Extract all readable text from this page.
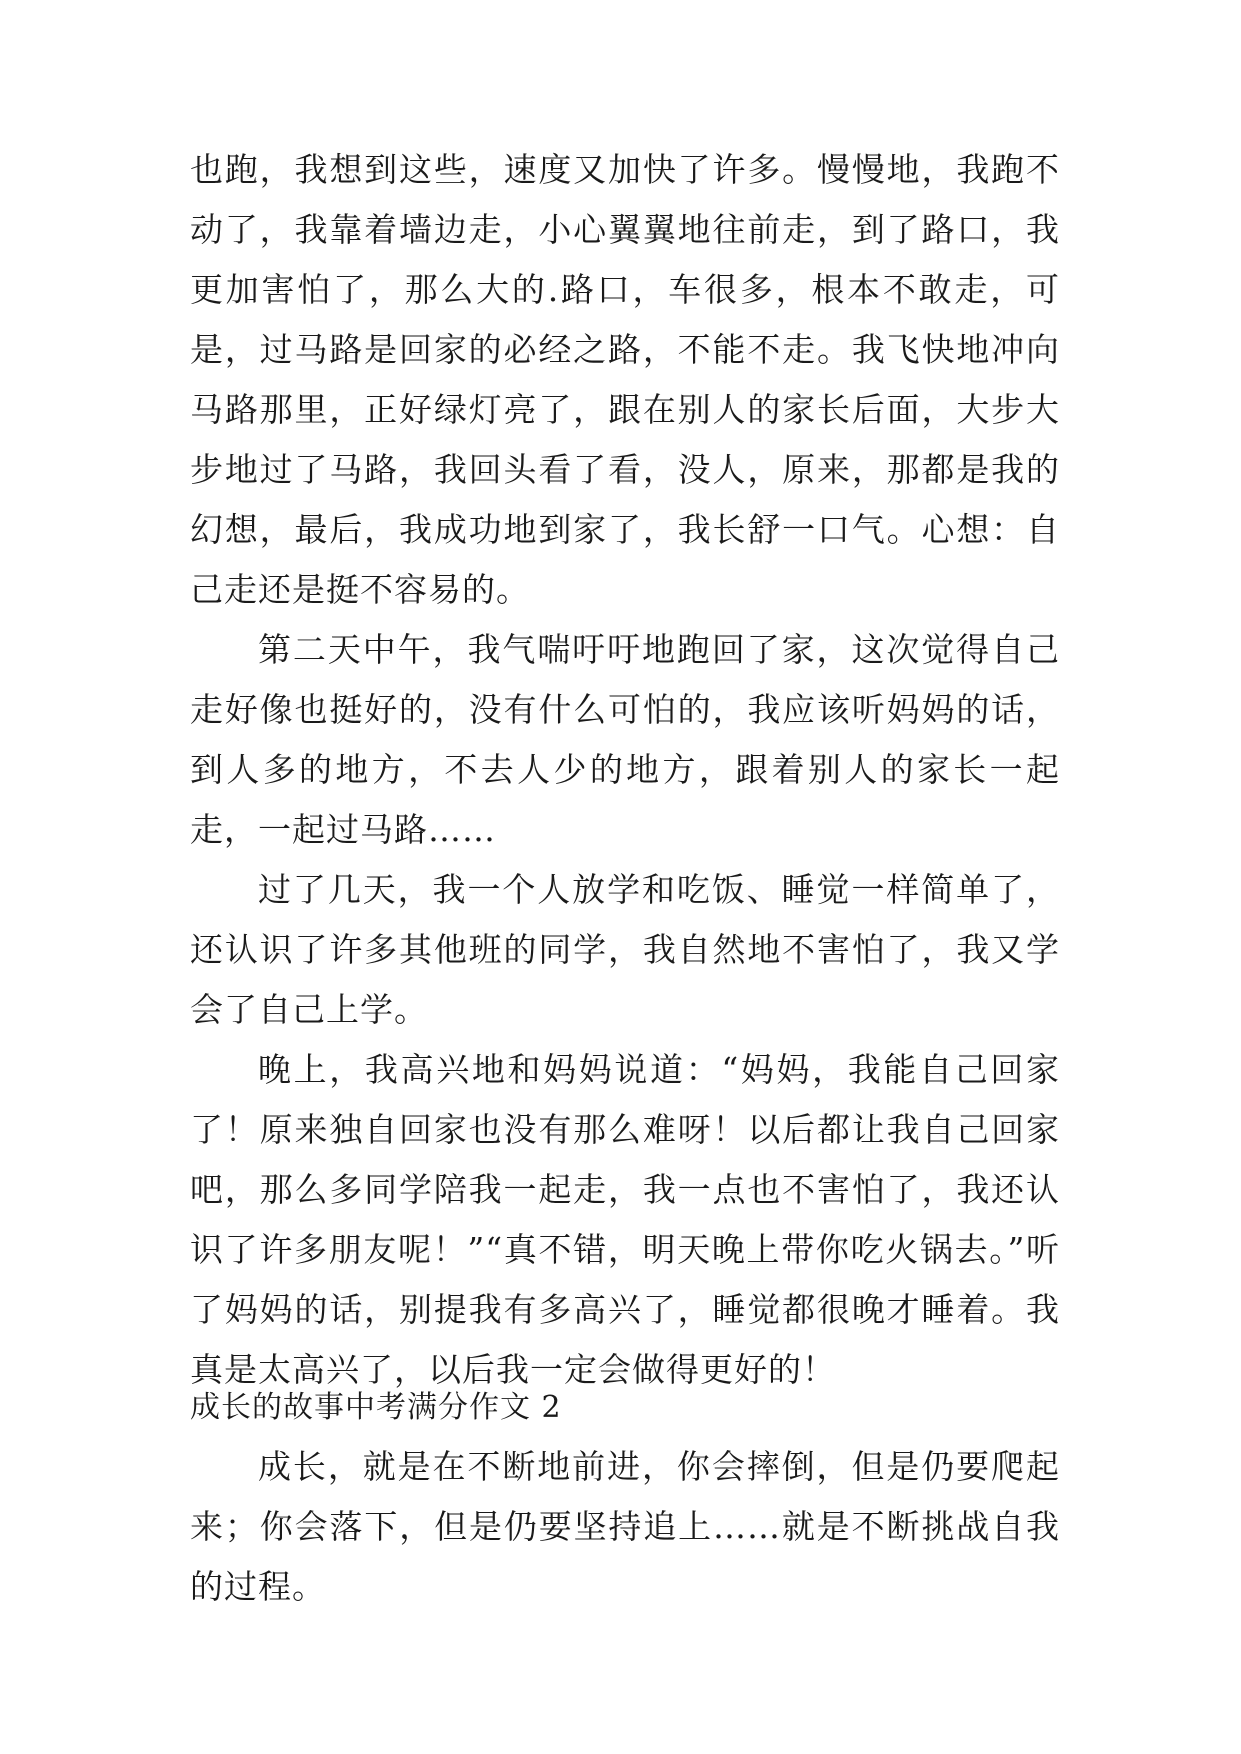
也跑，我想到这些，速度又加快了许多。慢慢地，我跑不动了，我靠着墙边走，小心翼翼地往前走，到了路口，我更加害怕了，那么大的.路口，车很多，根本不敢走，可是，过马路是回家的必经之路，不能不走。我飞快地冲向马路那里，正好绿灯亮了，跟在别人的家长后面，大步大步地过了马路，我回头看了看，没人，原来，那都是我的幻想，最后，我成功地到家了，我长舒一口气。心想：自己走还是挺不容易的。

第二天中午，我气喘吁吁地跑回了家，这次觉得自己走好像也挺好的，没有什么可怕的，我应该听妈妈的话，到人多的地方，不去人少的地方，跟着别人的家长一起走，一起过马路……

过了几天，我一个人放学和吃饭、睡觉一样简单了，还认识了许多其他班的同学，我自然地不害怕了，我又学会了自己上学。

晚上，我高兴地和妈妈说道：“妈妈，我能自己回家了！原来独自回家也没有那么难呀！以后都让我自己回家吧，那么多同学陪我一起走，我一点也不害怕了，我还认识了许多朋友呢！”“真不错，明天晚上带你吃火锅去。”听了妈妈的话，别提我有多高兴了，睡觉都很晚才睡着。我真是太高兴了，以后我一定会做得更好的！

成长的故事中考满分作文 2

成长，就是在不断地前进，你会摔倒，但是仍要爬起来；你会落下，但是仍要坚持追上……就是不断挑战自我的过程。
